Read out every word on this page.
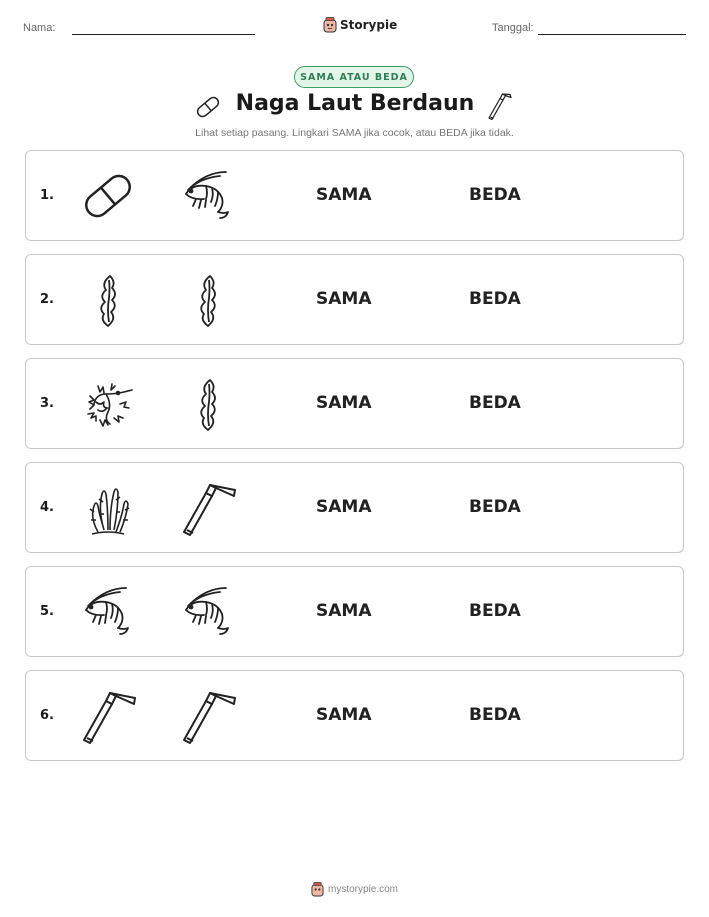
Nama:	Storypie	Tanggal:
SAMA ATAU BEDA
Naga Laut Berdaun
Lihat setiap pasang. Lingkari SAMA jika cocok, atau BEDA jika tidak.
1.	SAMA	BEDA
2.	SAMA	BEDA
3.	SAMA	BEDA
4.	SAMA	BEDA
5.	SAMA	BEDA
6.	SAMA	BEDA
mystorypie.com
